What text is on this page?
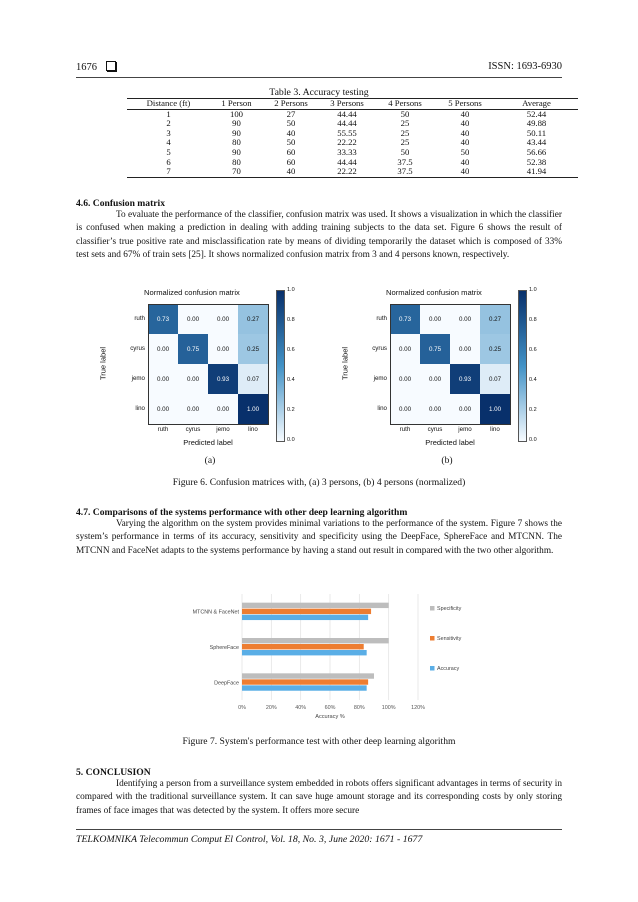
1676	ISSN: 1693-6930
Table 3. Accuracy testing
Distance (ft)	1 Person	2 Persons	3 Persons	4 Persons	5 Persons	Average
1	100	27	44.44	50	40	52.44
2	90	50	44.44	25	40	49.88
3	90	40	55.55	25	40	50.11
4	80	50	22.22	25	40	43.44
5	90	60	33.33	50	50	56.66
6	80	60	44.44	37.5	40	52.38
7	70	40	22.22	37.5	40	41.94
4.6. Confusion matrix
To evaluate the performance of the classifier, confusion matrix was used. It shows a visualization in which the classifier is confused when making a prediction in dealing with adding training subjects to the data set. Figure 6 shows the result of classifier’s true positive rate and misclassification rate by means of dividing temporarily the dataset which is composed of 33% test sets and 67% of train sets [25]. It shows normalized confusion matrix from 3 and 4 persons known, respectively.
Normalized confusion matrix
0.73	0.00	0.00	0.27
0.00	0.75	0.00	0.25
0.00	0.00	0.93	0.07
0.00	0.00	0.00	1.00
ruth
ruth
cyrus
cyrus
jemo
jemo
lino
lino
True label
Predicted label
1.0
0.8
0.6
0.4
0.2
0.0
Normalized confusion matrix
0.73	0.00	0.00	0.27
0.00	0.75	0.00	0.25
0.00	0.00	0.93	0.07
0.00	0.00	0.00	1.00
ruth
ruth
cyrus
cyrus
jemo
jemo
lino
lino
True label
Predicted label
1.0
0.8
0.6
0.4
0.2
0.0
(a)	(b)
Figure 6. Confusion matrices with, (a) 3 persons, (b) 4 persons (normalized)
4.7. Comparisons of the systems performance with other deep learning algorithm
Varying the algorithm on the system provides minimal variations to the performance of the system. Figure 7 shows the system’s performance in terms of its accuracy, sensitivity and specificity using the DeepFace, SphereFace and MTCNN. The MTCNN and FaceNet adapts to the systems performance by having a stand out result in compared with the two other algorithm.
0%	20%	40%	60%	80%	100%	120%
MTCNN & FaceNet
SphereFace
DeepFace
Accuracy %
Specificity
Sensitivity
Accuracy
Figure 7. System's performance test with other deep learning algorithm
5. CONCLUSION
Identifying a person from a surveillance system embedded in robots offers significant advantages in terms of security in compared with the traditional surveillance system. It can save huge amount storage and its corresponding costs by only storing frames of face images that was detected by the system. It offers more secure
TELKOMNIKA Telecommun Comput El Control, Vol. 18, No. 3, June 2020: 1671 - 1677
